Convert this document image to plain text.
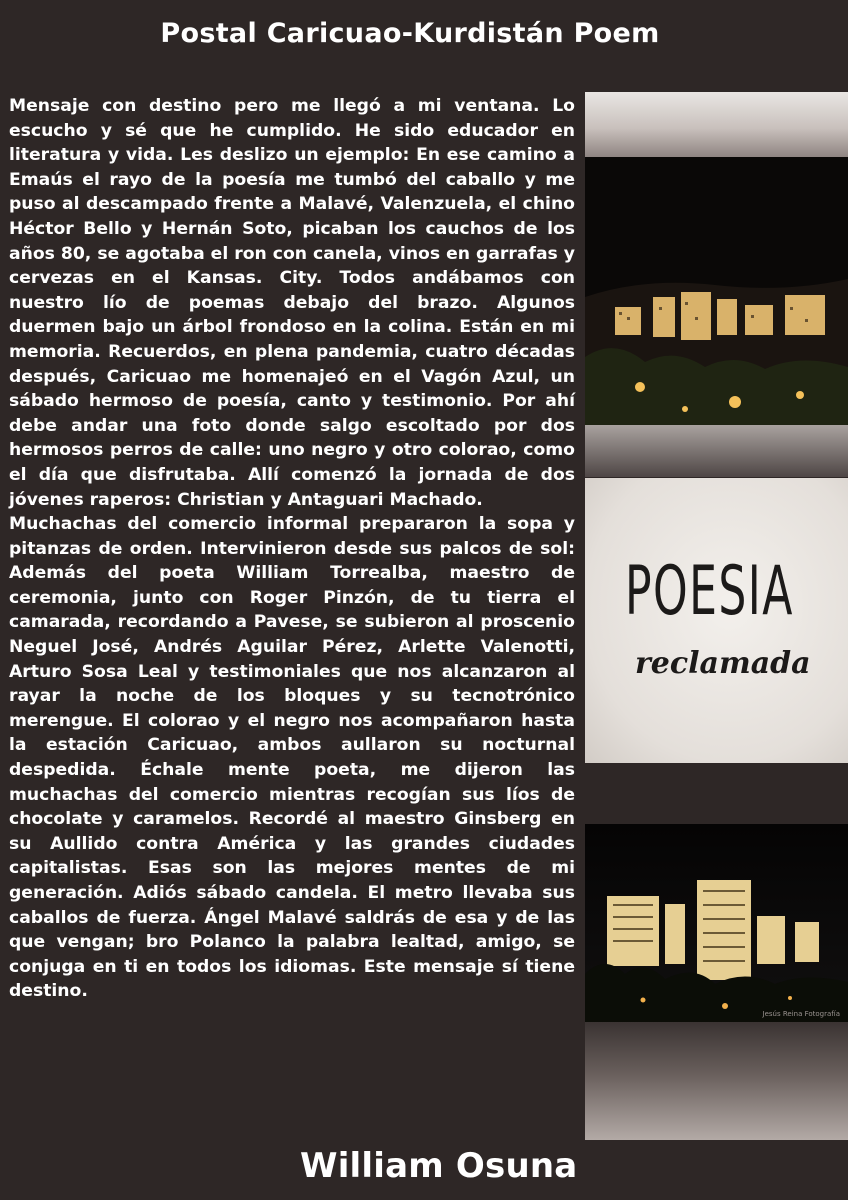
Postal Caricuao-Kurdistán Poem

Mensaje con destino pero me llegó a mi ventana. Lo escucho y sé que he cumplido. He sido educador en literatura y vida. Les deslizo un ejemplo: En ese camino a Emaús el rayo de la poesía me tumbó del caballo y me puso al descampado frente a Malavé, Valenzuela, el chino Héctor Bello y Hernán Soto, picaban los cauchos de los años 80, se agotaba el ron con canela, vinos en garrafas y cervezas en el Kansas. City. Todos andábamos con nuestro lío de poemas debajo del brazo. Algunos duermen bajo un árbol frondoso en la colina. Están en mi memoria. Recuerdos, en plena pandemia, cuatro décadas después, Caricuao me homenajeó en el Vagón Azul, un sábado hermoso de poesía, canto y testimonio. Por ahí debe andar una foto donde salgo escoltado por dos hermosos perros de calle: uno negro y otro colorao, como el día que disfrutaba. Allí comenzó la jornada de dos jóvenes raperos: Christian y Antaguari Machado.

Muchachas del comercio informal prepararon la sopa y pitanzas de orden. Intervinieron desde sus palcos de sol: Además del poeta William Torrealba, maestro de ceremonia, junto con Roger Pinzón, de tu tierra el camarada, recordando a Pavese, se subieron al proscenio Neguel José, Andrés Aguilar Pérez, Arlette Valenotti, Arturo Sosa Leal y testimoniales que nos alcanzaron al rayar la noche de los bloques y su tecnotrónico merengue. El colorao y el negro nos acompañaron hasta la estación Caricuao, ambos aullaron su nocturnal despedida. Échale mente poeta, me dijeron las muchachas del comercio mientras recogían sus líos de chocolate y caramelos. Recordé al maestro Ginsberg en su Aullido contra América y las grandes ciudades capitalistas. Esas son las mejores mentes de mi generación. Adiós sábado candela. El metro llevaba sus caballos de fuerza. Ángel Malavé saldrás de esa y de las que vengan; bro Polanco la palabra lealtad, amigo, se conjuga en ti en todos los idiomas. Este mensaje sí tiene destino.

POESIA
reclamada
Jesús Reina Fotografía
William Osuna
